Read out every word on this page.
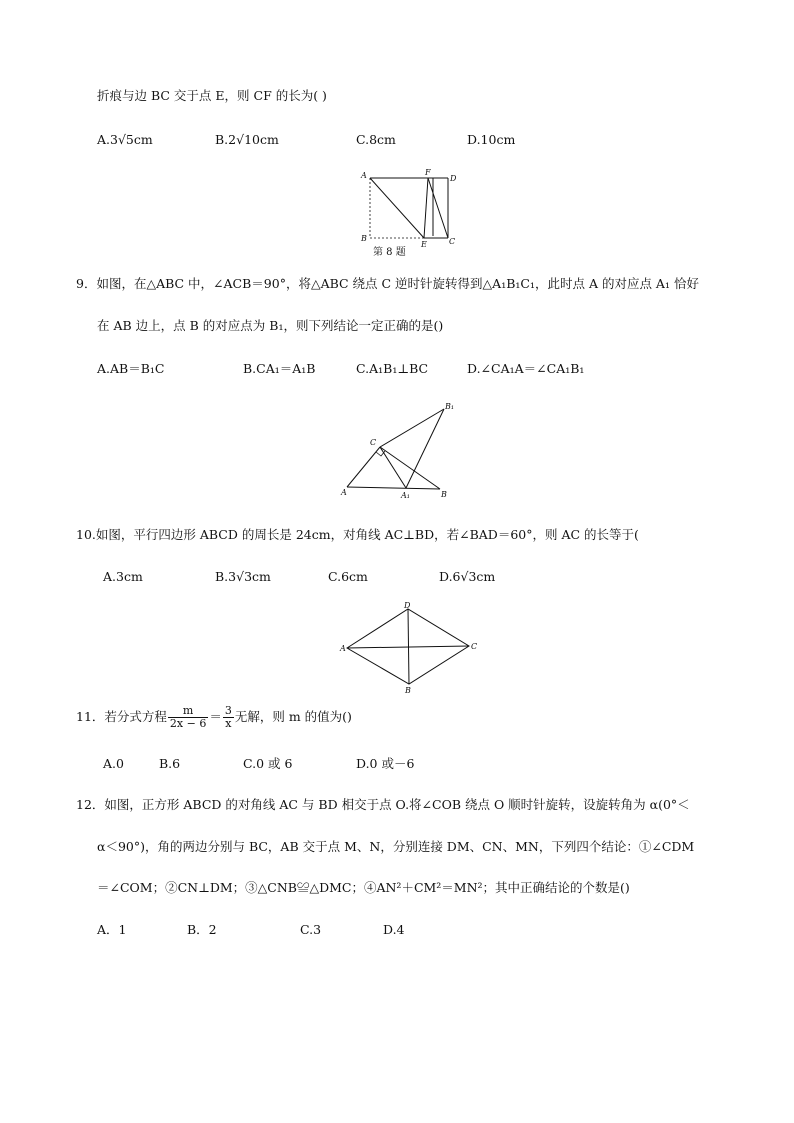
折痕与边 BC 交于点 E，则 CF 的长为( )
A.3√5cm	B.2√10cm	C.8cm	D.10cm
A	F
D
B
E	C
第 8 题
9．如图，在△ABC 中，∠ACB＝90°，将△ABC 绕点 C 逆时针旋转得到△A₁B₁C₁，此时点 A 的对应点 A₁ 恰好
在 AB 边上，点 B 的对应点为 B₁，则下列结论一定正确的是()
A.AB＝B₁C	B.CA₁＝A₁B	C.A₁B₁⊥BC	D.∠CA₁A＝∠CA₁B₁
B₁
C
A	A₁	B
10.如图，平行四边形 ABCD 的周长是 24cm，对角线 AC⊥BD，若∠BAD＝60°，则 AC 的长等于(
A.3cm	B.3√3cm	C.6cm	D.6√3cm
D
A	C
B
11．若分式方程 $\frac{m}{2x - 6} = \frac{3}{x}$ 无解，则 m 的值为()
A.0	B.6	C.0 或 6	D.0 或－6
12．如图，正方形 ABCD 的对角线 AC 与 BD 相交于点 O.将∠COB 绕点 O 顺时针旋转，设旋转角为 α(0°＜
α＜90°)，角的两边分别与 BC，AB 交于点 M、N，分别连接 DM、CN、MN，下列四个结论：①∠CDM
＝∠COM；②CN⊥DM；③△CNB≌△DMC；④AN²＋CM²＝MN²；其中正确结论的个数是()
A．1	B．2	C.3	D.4
